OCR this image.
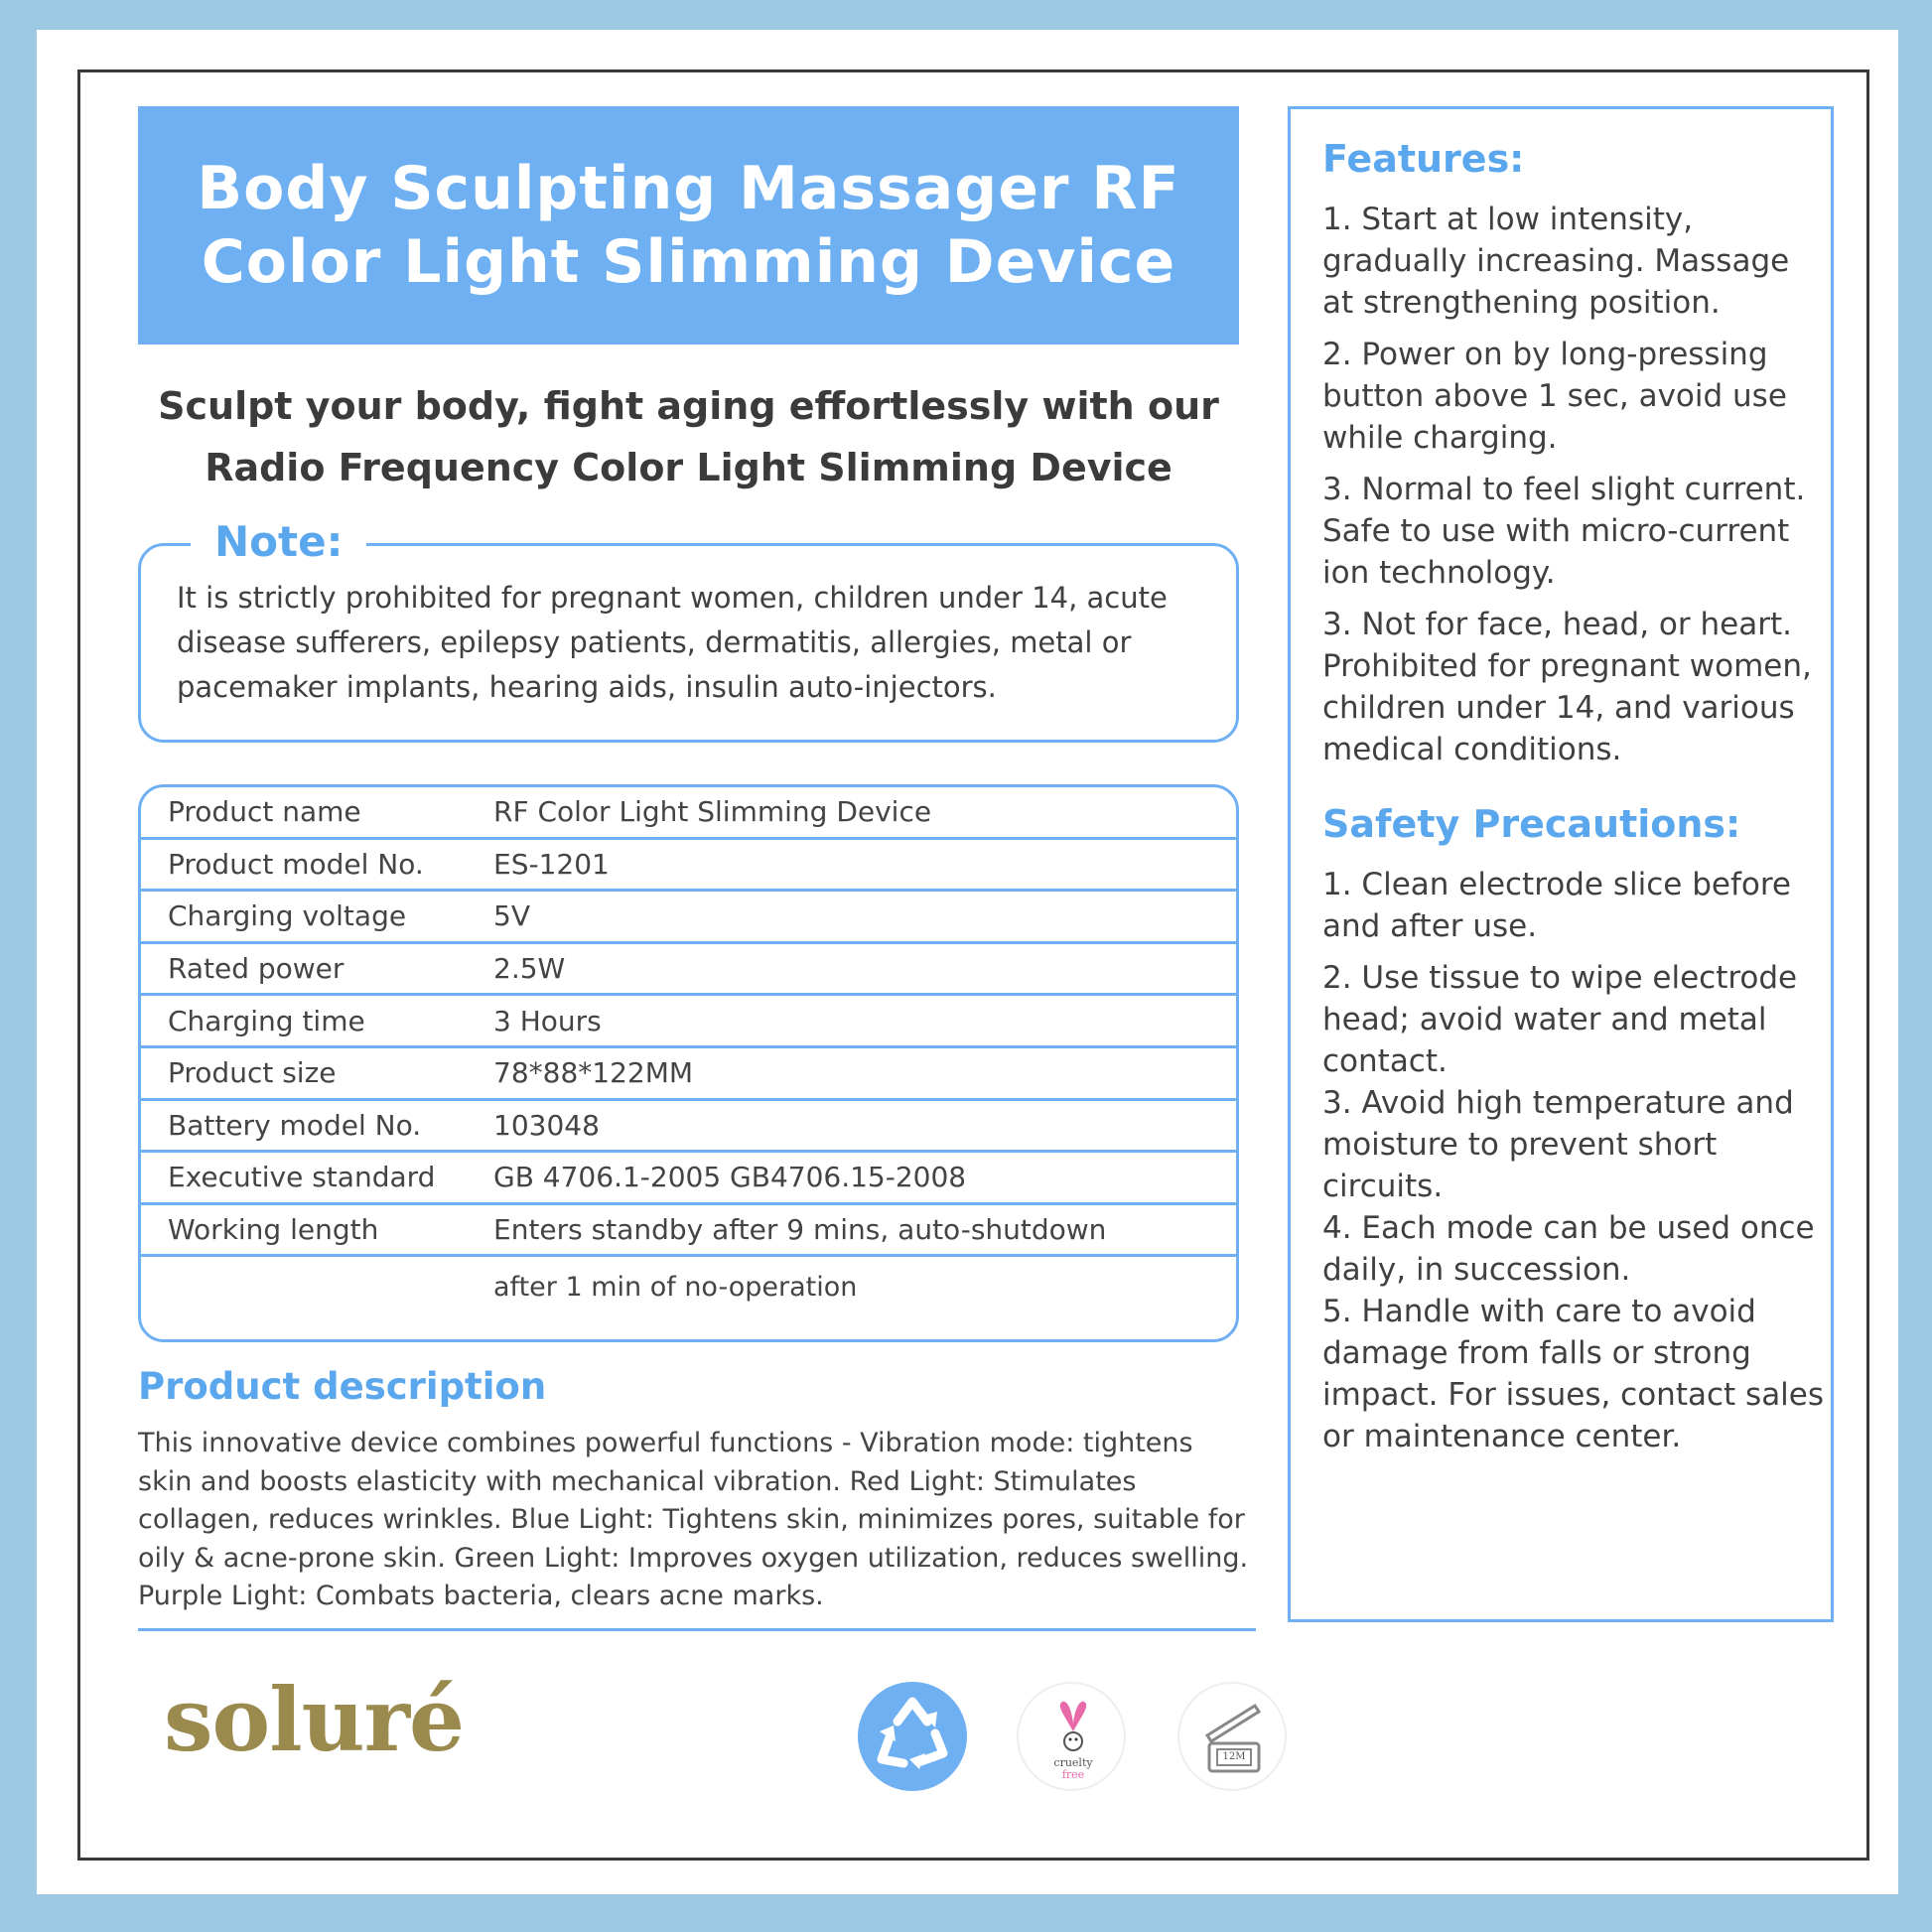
Body Sculpting Massager RF Color Light Slimming Device
Sculpt your body, fight aging effortlessly with our Radio Frequency Color Light Slimming Device
Note:
It is strictly prohibited for pregnant women, children under 14, acute disease sufferers, epilepsy patients, dermatitis, allergies, metal or pacemaker implants, hearing aids, insulin auto-injectors.
Product name	RF Color Light Slimming Device
Product model No.	ES-1201
Charging voltage	5V
Rated power	2.5W
Charging time	3 Hours
Product size	78*88*122MM
Battery model No.	103048
Executive standard	GB 4706.1-2005 GB4706.15-2008
Working length	Enters standby after 9 mins, auto-shutdown
after 1 min of no-operation
Product description
This innovative device combines powerful functions - Vibration mode: tightens skin and boosts elasticity with mechanical vibration. Red Light: Stimulates collagen, reduces wrinkles. Blue Light: Tightens skin, minimizes pores, suitable for oily & acne-prone skin. Green Light: Improves oxygen utilization, reduces swelling. Purple Light: Combats bacteria, clears acne marks.
soluré	cruelty
free
12M
Features:
1. Start at low intensity, gradually increasing. Massage at strengthening position.
2. Power on by long-pressing button above 1 sec, avoid use while charging.
3. Normal to feel slight current. Safe to use with micro-current ion technology.
3. Not for face, head, or heart. Prohibited for pregnant women, children under 14, and various medical conditions.
Safety Precautions:
1. Clean electrode slice before and after use.
2. Use tissue to wipe electrode head; avoid water and metal contact.
3. Avoid high temperature and moisture to prevent short circuits.
4. Each mode can be used once daily, in succession.
5. Handle with care to avoid damage from falls or strong impact. For issues, contact sales or maintenance center.
